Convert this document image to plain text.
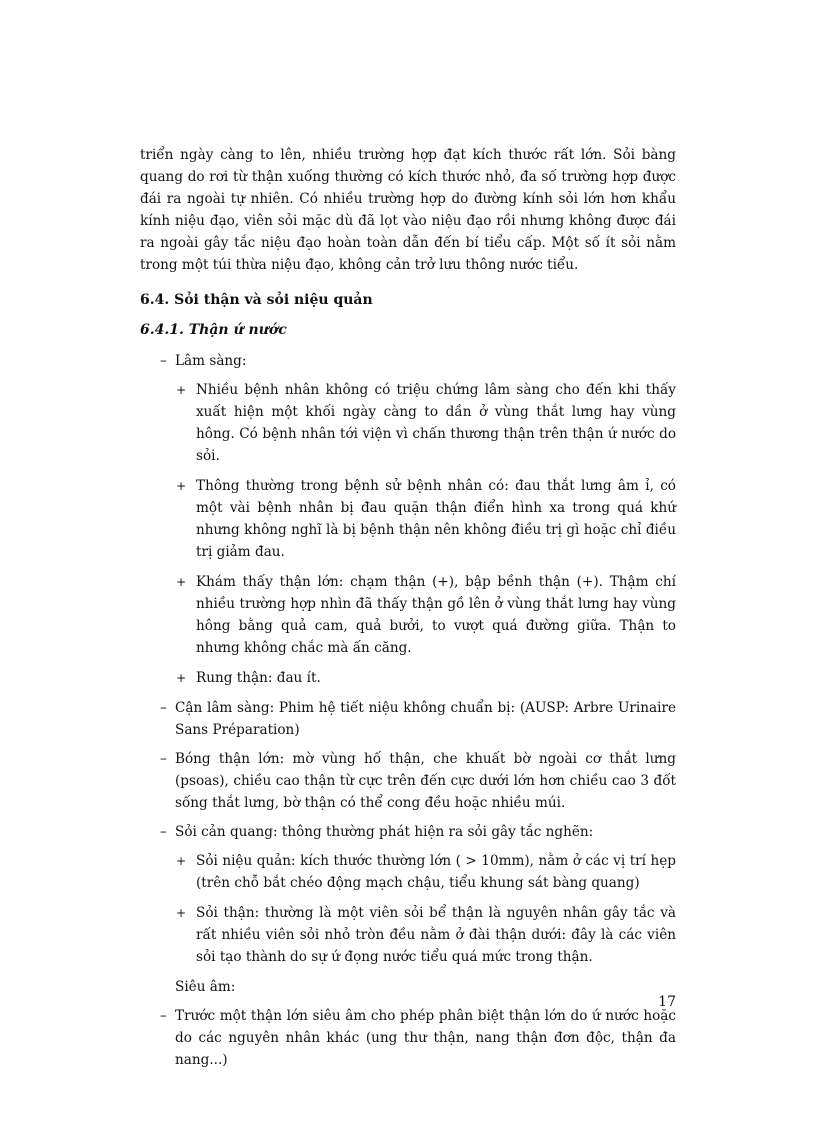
triển ngày càng to lên, nhiều trường hợp đạt kích thước rất lớn. Sỏi bàng quang do rơi từ thận xuống thường có kích thước nhỏ, đa số trường hợp được đái ra ngoài tự nhiên. Có nhiều trường hợp do đường kính sỏi lớn hơn khẩu kính niệu đạo, viên sỏi mặc dù đã lọt vào niệu đạo rồi nhưng không được đái ra ngoài gây tắc niệu đạo hoàn toàn dẫn đến bí tiểu cấp. Một số ít sỏi nằm trong một túi thừa niệu đạo, không cản trở lưu thông nước tiểu.

6.4. Sỏi thận và sỏi niệu quản
6.4.1. Thận ứ nước
– Lâm sàng:
+ Nhiều bệnh nhân không có triệu chứng lâm sàng cho đến khi thấy xuất hiện một khối ngày càng to dần ở vùng thắt lưng hay vùng hông. Có bệnh nhân tới viện vì chấn thương thận trên thận ứ nước do sỏi.
+ Thông thường trong bệnh sử bệnh nhân có: đau thắt lưng âm ỉ, có một vài bệnh nhân bị đau quặn thận điển hình xa trong quá khứ nhưng không nghĩ là bị bệnh thận nên không điều trị gì hoặc chỉ điều trị giảm đau.
+ Khám thấy thận lớn: chạm thận (+), bập bềnh thận (+). Thậm chí nhiều trường hợp nhìn đã thấy thận gồ lên ở vùng thắt lưng hay vùng hông bằng quả cam, quả bưởi, to vượt quá đường giữa. Thận to nhưng không chắc mà ấn căng.
+ Rung thận: đau ít.
– Cận lâm sàng: Phim hệ tiết niệu không chuẩn bị: (AUSP: Arbre Urinaire Sans Préparation)
– Bóng thận lớn: mờ vùng hố thận, che khuất bờ ngoài cơ thắt lưng (psoas), chiều cao thận từ cực trên đến cực dưới lớn hơn chiều cao 3 đốt sống thắt lưng, bờ thận có thể cong đều hoặc nhiều múi.
– Sỏi cản quang: thông thường phát hiện ra sỏi gây tắc nghẽn:
+ Sỏi niệu quản: kích thước thường lớn ( > 10mm), nằm ở các vị trí hẹp (trên chỗ bắt chéo động mạch chậu, tiểu khung sát bàng quang)
+ Sỏi thận: thường là một viên sỏi bể thận là nguyên nhân gây tắc và rất nhiều viên sỏi nhỏ tròn đều nằm ở đài thận dưới: đây là các viên sỏi tạo thành do sự ứ đọng nước tiểu quá mức trong thận.

Siêu âm:

– Trước một thận lớn siêu âm cho phép phân biệt thận lớn do ứ nước hoặc do các nguyên nhân khác (ung thư thận, nang thận đơn độc, thận đa nang...)
17
